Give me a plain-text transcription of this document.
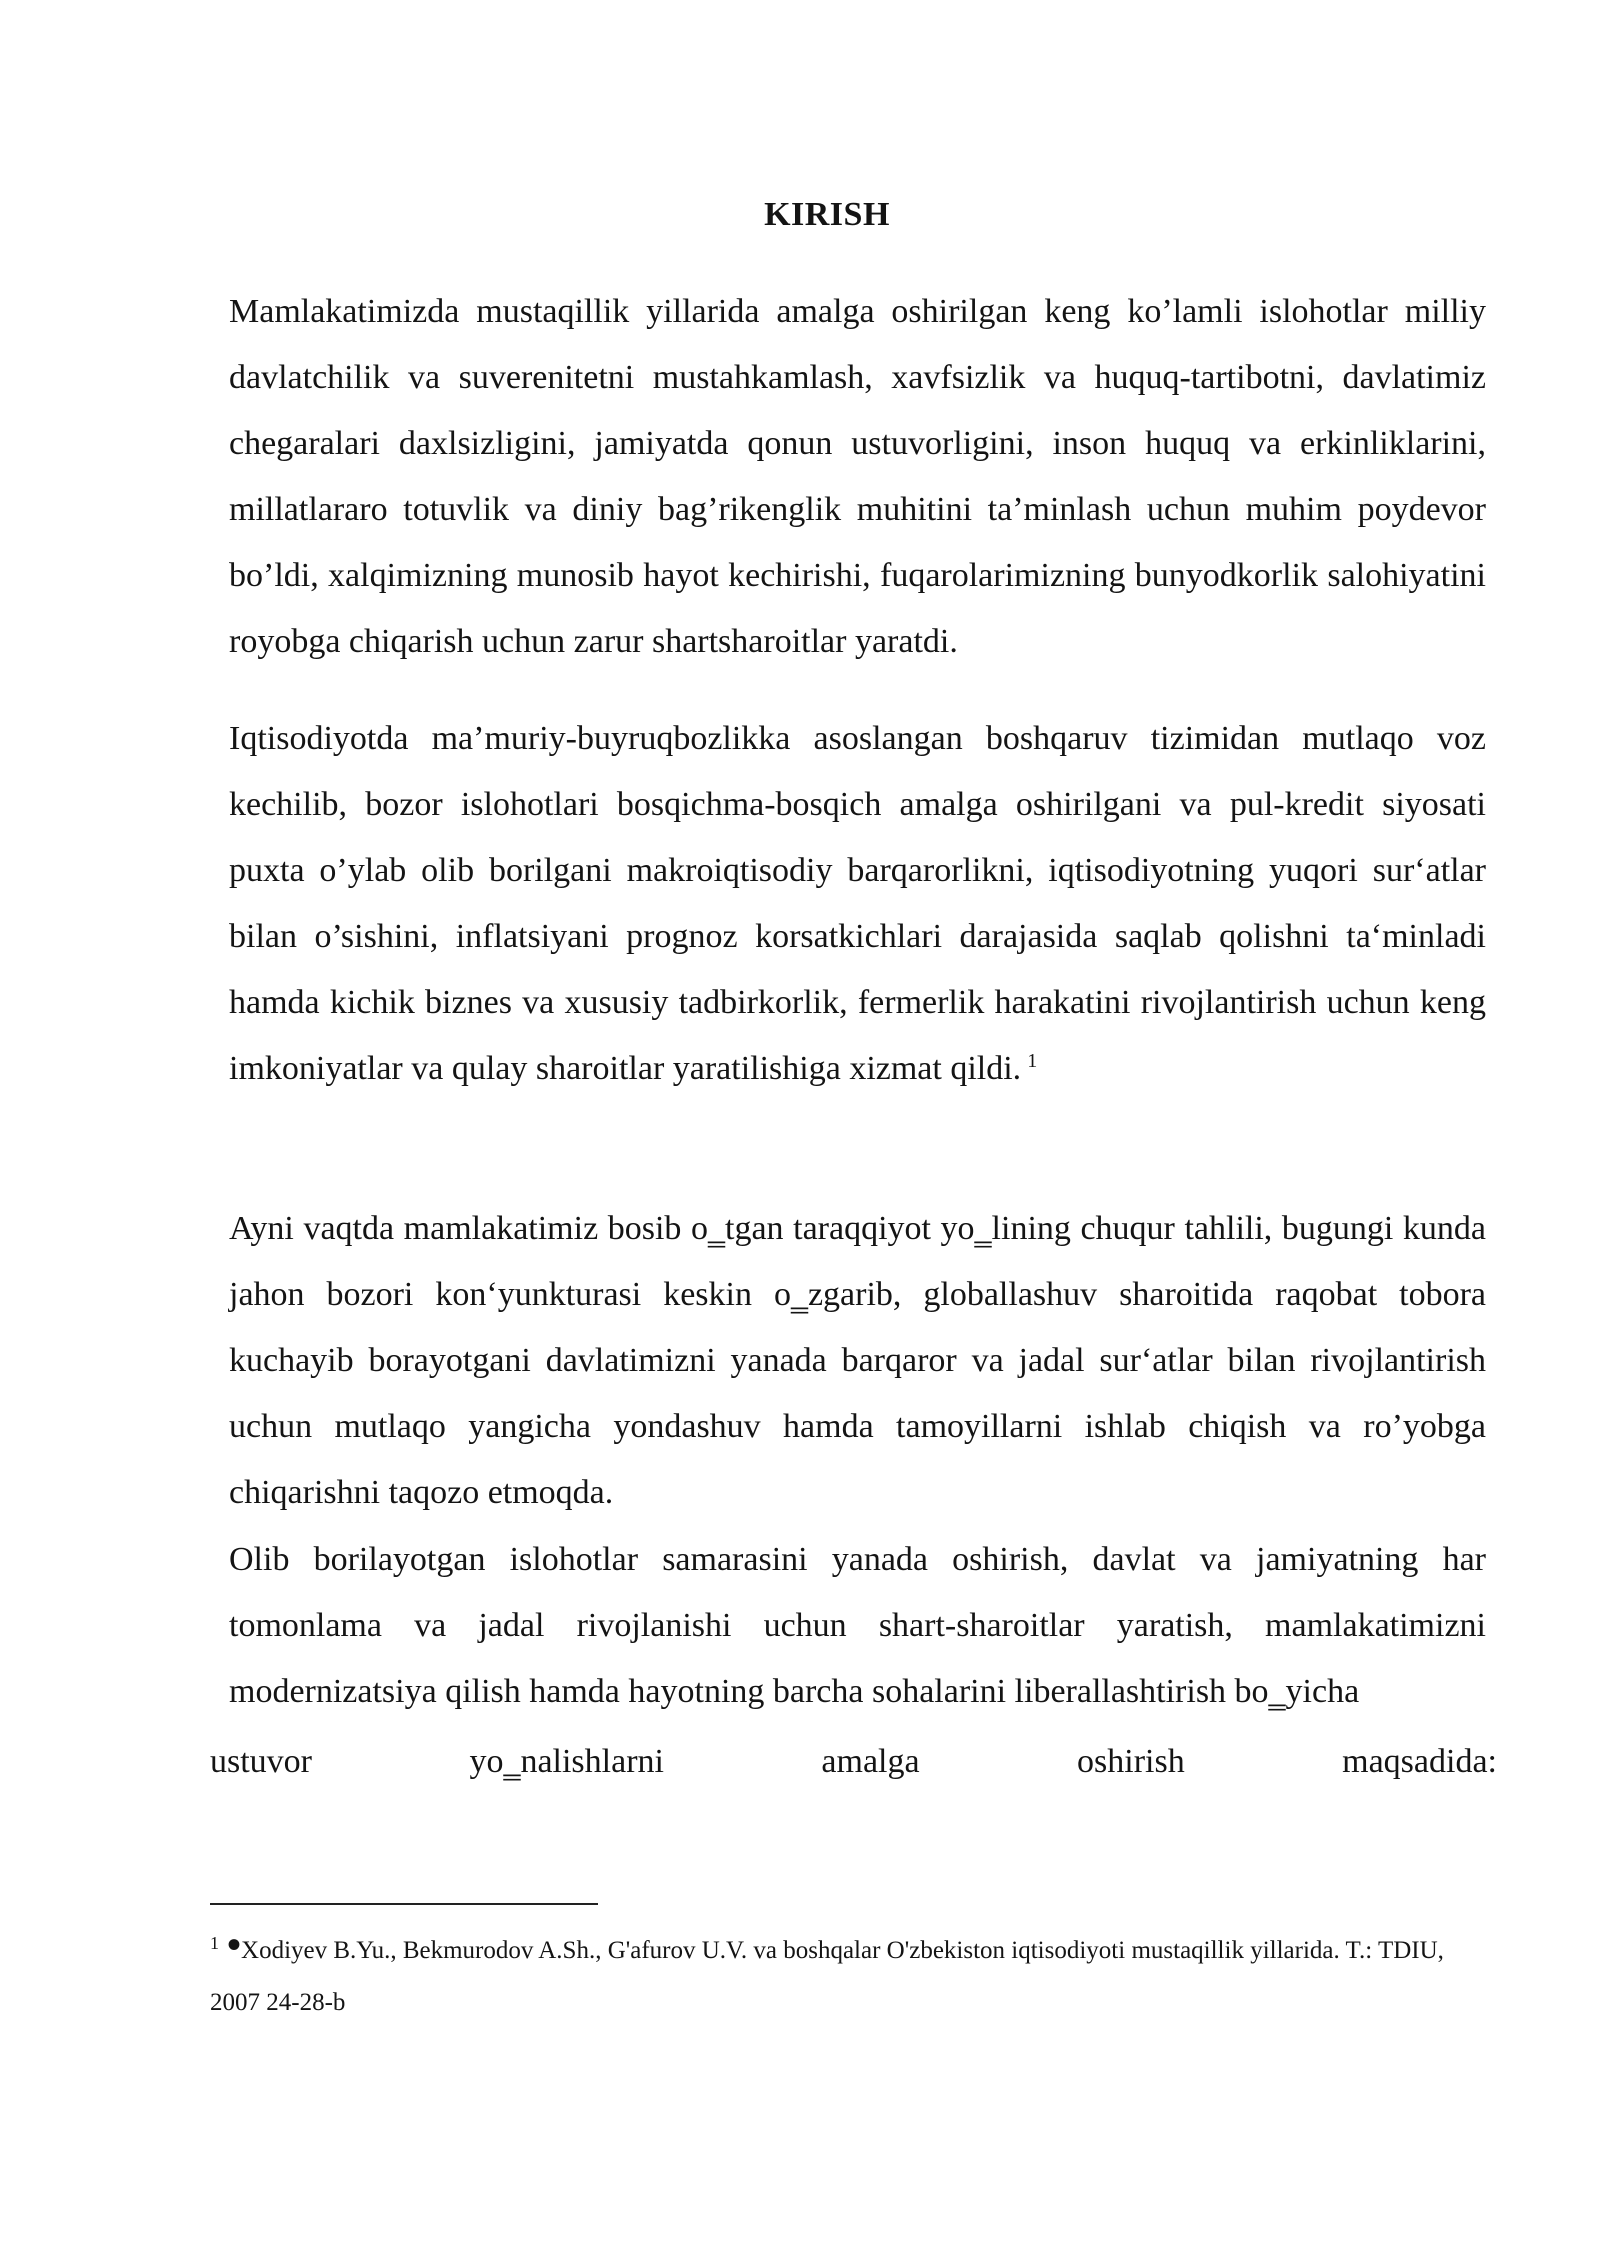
KIRISH

Mamlakatimizda mustaqillik yillarida amalga oshirilgan keng ko’lamli islohotlar milliy davlatchilik va suverenitetni mustahkamlash, xavfsizlik va huquq-tartibotni, davlatimiz chegaralari daxlsizligini, jamiyatda qonun ustuvorligini, inson huquq va erkinliklarini, millatlararo totuvlik va diniy bag’rikenglik muhitini ta’minlash uchun muhim poydevor bo’ldi, xalqimizning munosib hayot kechirishi, fuqarolarimizning bunyodkorlik salohiyatini royobga chiqarish uchun zarur shartsharoitlar yaratdi.

Iqtisodiyotda ma’muriy-buyruqbozlikka asoslangan boshqaruv tizimidan mutlaqo voz kechilib, bozor islohotlari bosqichma-bosqich amalga oshirilgani va pul-kredit siyosati puxta o’ylab olib borilgani makroiqtisodiy barqarorlikni, iqtisodiyotning yuqori sur‘atlar bilan o’sishini, inflatsiyani prognoz korsatkichlari darajasida saqlab qolishni ta‘minladi hamda kichik biznes va xususiy tadbirkorlik, fermerlik harakatini rivojlantirish uchun keng imkoniyatlar va qulay sharoitlar yaratilishiga xizmat qildi. $^1$

Ayni vaqtda mamlakatimiz bosib o‗tgan taraqqiyot yo‗lining chuqur tahlili, bugungi kunda jahon bozori kon‘yunkturasi keskin o‗zgarib, globallashuv sharoitida raqobat tobora kuchayib borayotgani davlatimizni yanada barqaror va jadal sur‘atlar bilan rivojlantirish uchun mutlaqo yangicha yondashuv hamda tamoyillarni ishlab chiqish va ro’yobga chiqarishni taqozo etmoqda.

Olib borilayotgan islohotlar samarasini yanada oshirish, davlat va jamiyatning har tomonlama va jadal rivojlanishi uchun shart-sharoitlar yaratish, mamlakatimizni modernizatsiya qilish hamda hayotning barcha sohalarini liberallashtirish bo‗yicha

ustuvor	yo‗nalishlarni	amalga	oshirish	maqsadida:

$^1$ •Xodiyev B.Yu., Bekmurodov A.Sh., G'afurov U.V. va boshqalar O'zbekiston iqtisodiyoti mustaqillik yillarida. T.: TDIU, 2007 24-28-b
